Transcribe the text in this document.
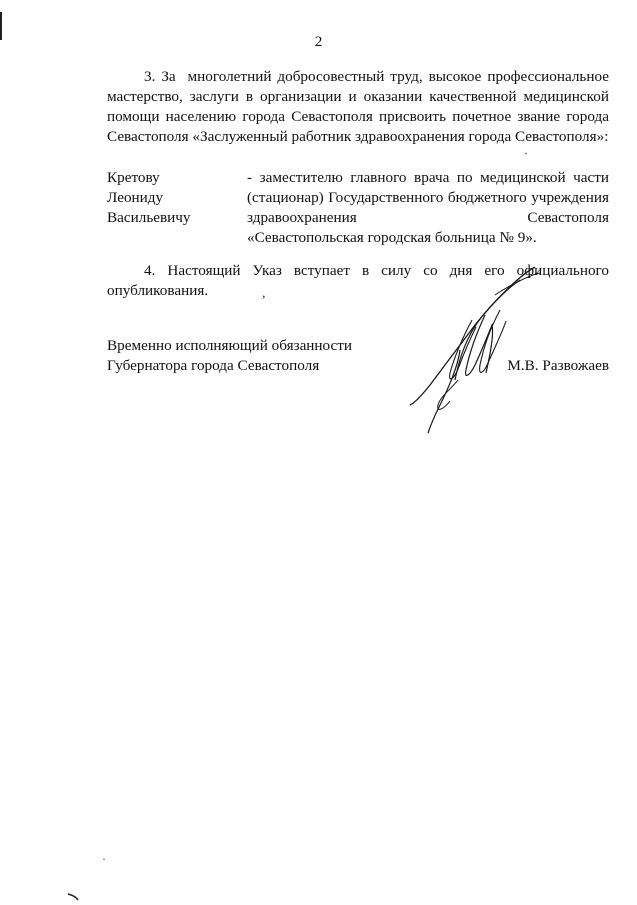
2
3. За многолетний добросовестный труд, высокое профессиональное мастерство, заслуги в организации и оказании качественной медицинской помощи населению города Севастополя присвоить почетное звание города Севастополя «Заслуженный работник здравоохранения города Севастополя»:
Кретову
Леониду
Васильевичу
- заместителю главного врача по медицинской части (стационар) Государственного бюджетного учреждения здравоохранения Севастополя
«Севастопольская городская больница № 9».
4. Настоящий Указ вступает в силу со дня его официального опубликования.
`
,
Временно исполняющий обязанности
Губернатора города Севастополя	М.В. Развожаев
·
